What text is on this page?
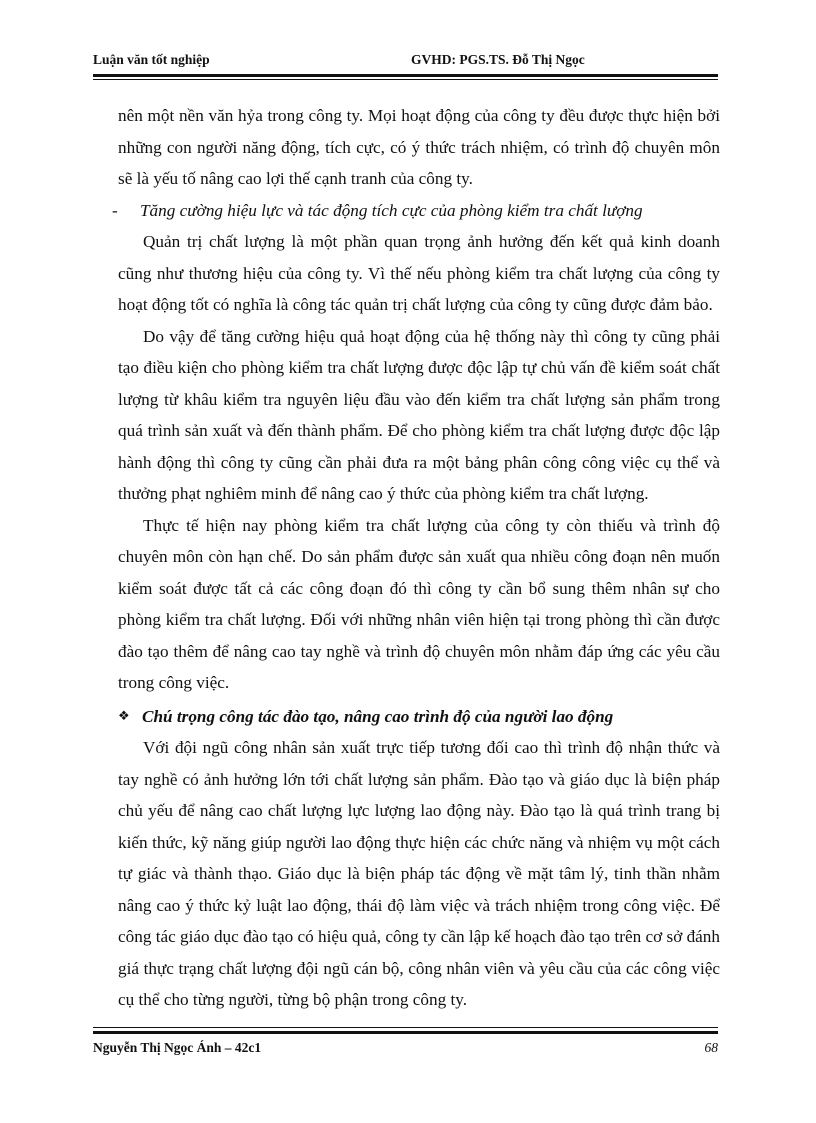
Luận văn tốt nghiệp	GVHD: PGS.TS. Đỗ Thị Ngọc

nên một nền văn hỷa trong công ty. Mọi hoạt động của công ty đều được thực hiện bởi những con người năng động, tích cực, có ý thức trách nhiệm, có trình độ chuyên môn sẽ là yếu tố nâng cao lợi thế cạnh tranh của công ty.

- Tăng cường hiệu lực và tác động tích cực của phòng kiểm tra chất lượng

Quản trị chất lượng là một phần quan trọng ảnh hưởng đến kết quả kinh doanh cũng như thương hiệu của công ty. Vì thế nếu phòng kiểm tra chất lượng của công ty hoạt động tốt có nghĩa là công tác quản trị chất lượng của công ty cũng được đảm bảo.

Do vậy để tăng cường hiệu quả hoạt động của hệ thống này thì công ty cũng phải tạo điều kiện cho phòng kiểm tra chất lượng được độc lập tự chủ vấn đề kiểm soát chất lượng từ khâu kiểm tra nguyên liệu đầu vào đến kiểm tra chất lượng sản phẩm trong quá trình sản xuất và đến thành phẩm. Để cho phòng kiểm tra chất lượng được độc lập hành động thì công ty cũng cần phải đưa ra một bảng phân công công việc cụ thể và thưởng phạt nghiêm minh để nâng cao ý thức của phòng kiểm tra chất lượng.

Thực tế hiện nay phòng kiểm tra chất lượng của công ty còn thiếu và trình độ chuyên môn còn hạn chế. Do sản phẩm được sản xuất qua nhiều công đoạn nên muốn kiểm soát được tất cả các công đoạn đó thì công ty cần bổ sung thêm nhân sự cho phòng kiểm tra chất lượng. Đối với những nhân viên hiện tại trong phòng thì cần được đào tạo thêm để nâng cao tay nghề và trình độ chuyên môn nhằm đáp ứng các yêu cầu trong công việc.

❖ Chú trọng công tác đào tạo, nâng cao trình độ của người lao động

Với đội ngũ công nhân sản xuất trực tiếp tương đối cao thì trình độ nhận thức và tay nghề có ảnh hưởng lớn tới chất lượng sản phẩm. Đào tạo và giáo dục là biện pháp chủ yếu để nâng cao chất lượng lực lượng lao động này. Đào tạo là quá trình trang bị kiến thức, kỹ năng giúp người lao động thực hiện các chức năng và nhiệm vụ một cách tự giác và thành thạo. Giáo dục là biện pháp tác động về mặt tâm lý, tinh thần nhằm nâng cao ý thức kỷ luật lao động, thái độ làm việc và trách nhiệm trong công việc. Để công tác giáo dục đào tạo có hiệu quả, công ty cần lập kế hoạch đào tạo trên cơ sở đánh giá thực trạng chất lượng đội ngũ cán bộ, công nhân viên và yêu cầu của các công việc cụ thể cho từng người, từng bộ phận trong công ty.

Nguyễn Thị Ngọc Ánh – 42c1	68
